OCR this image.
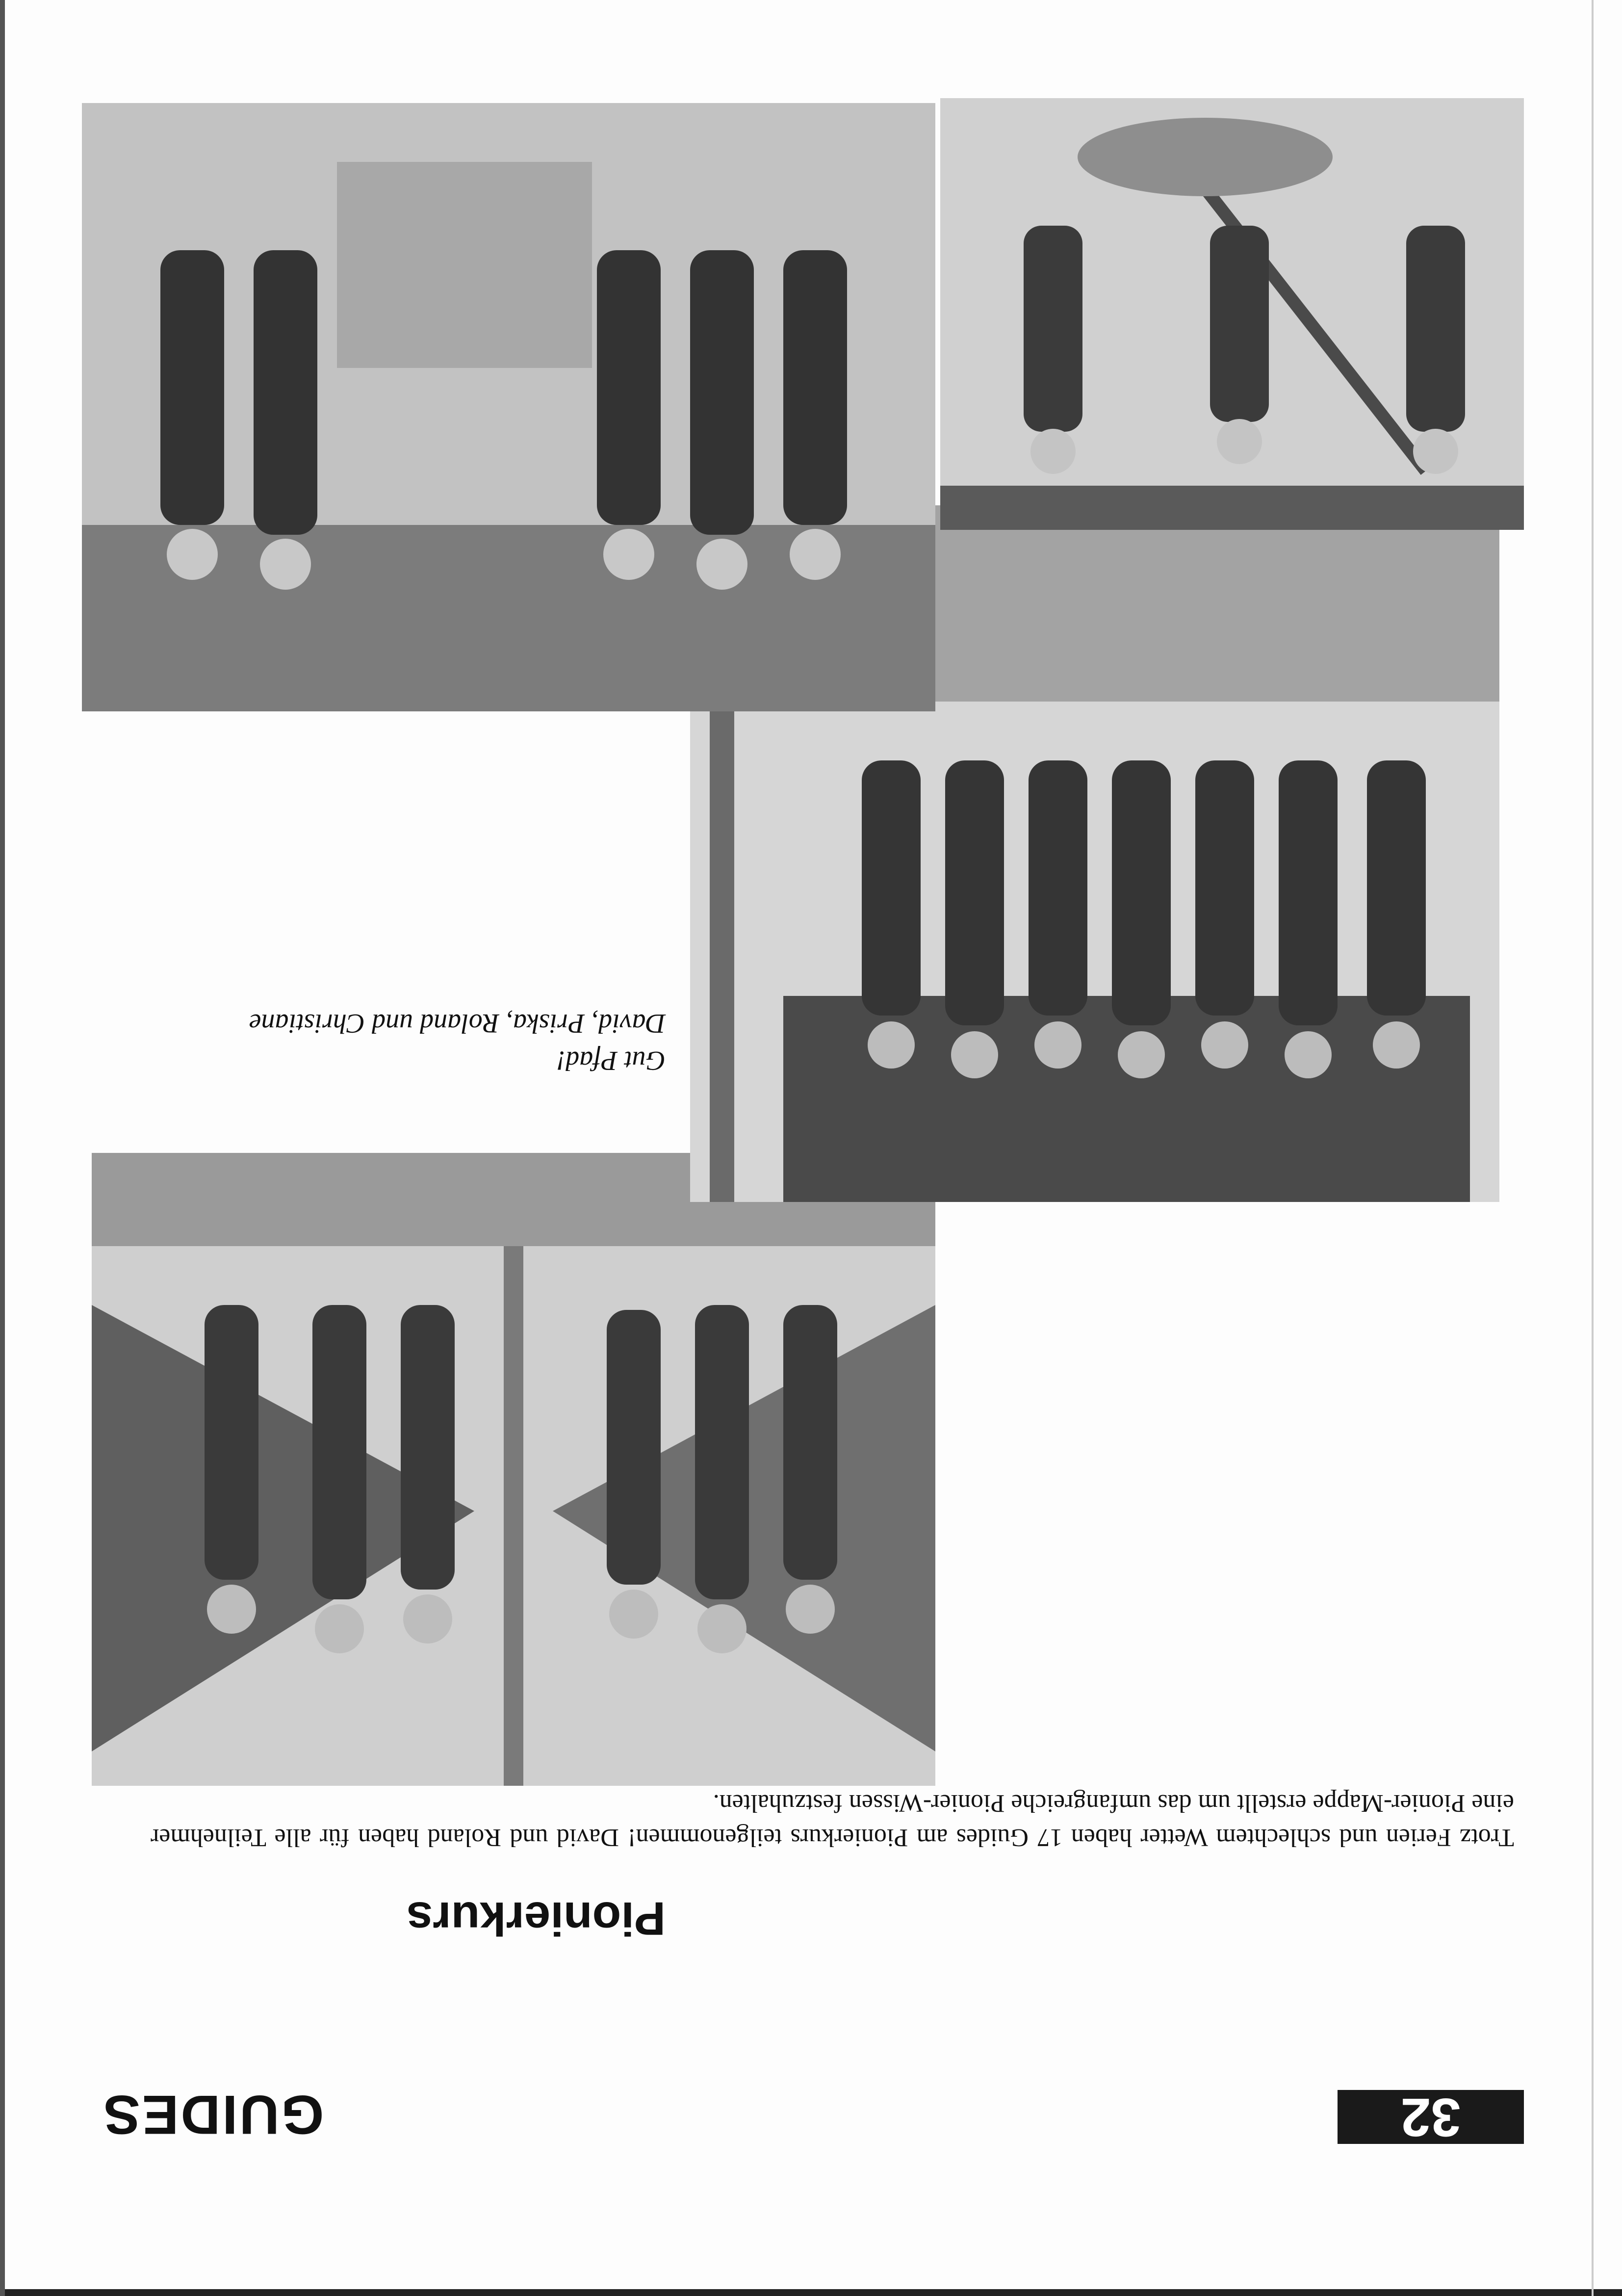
32
GUIDES
Pionierkurs
Trotz Ferien und schlechtem Wetter haben 17 Guides am Pionierkurs teilgenommen! David und Roland haben für alle Teilnehmer eine Pionier-Mappe erstellt um das umfangreiche Pionier-Wissen festzuhalten.
Gut Pfad!
David, Priska, Roland und Christiane
